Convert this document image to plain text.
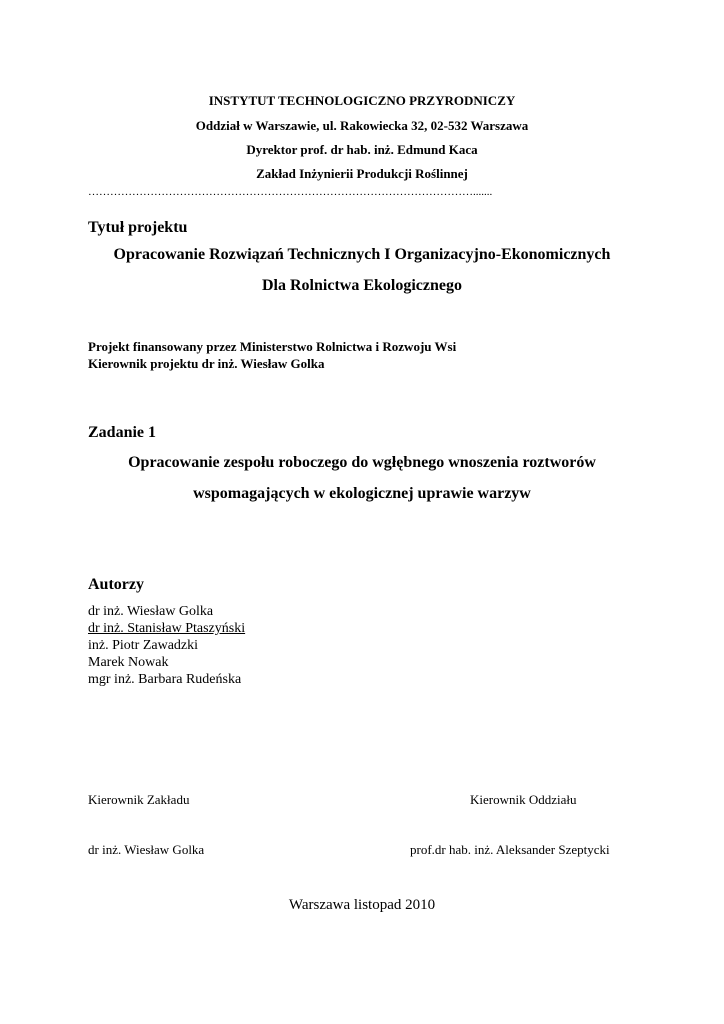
INSTYTUT TECHNOLOGICZNO PRZYRODNICZY
Oddział w Warszawie, ul. Rakowiecka 32, 02-532 Warszawa
Dyrektor prof. dr hab. inż. Edmund Kaca
Zakład Inżynierii Produkcji Roślinnej
…………………………………………………………………………………………….......
Tytuł projektu
Opracowanie Rozwiązań Technicznych I Organizacyjno-Ekonomicznych
Dla Rolnictwa Ekologicznego
Projekt finansowany przez Ministerstwo Rolnictwa i Rozwoju Wsi
Kierownik projektu dr inż. Wiesław Golka
Zadanie 1
Opracowanie zespołu roboczego do wgłębnego wnoszenia roztworów
wspomagających w ekologicznej uprawie warzyw
Autorzy
dr inż. Wiesław Golka
dr inż. Stanisław Ptaszyński
inż. Piotr Zawadzki
Marek Nowak
mgr inż. Barbara Rudeńska
Kierownik Zakładu	Kierownik Oddziału
dr inż. Wiesław Golka	prof.dr hab. inż. Aleksander Szeptycki
Warszawa listopad 2010
